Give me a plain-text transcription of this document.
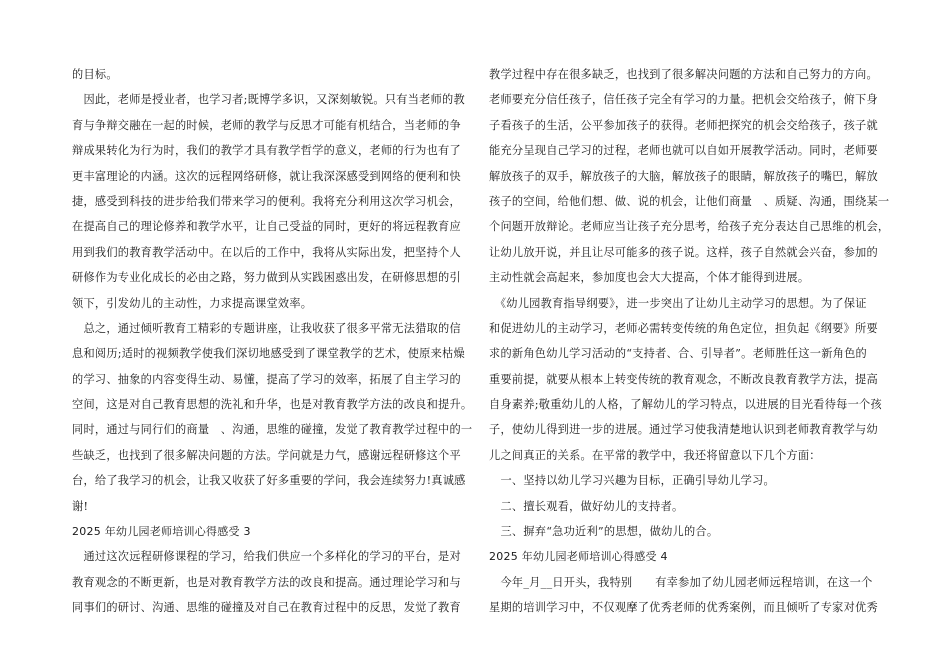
的目标。
　因此，老师是授业者，也学习者;既博学多识，又深刻敏锐。只有当老师的教
育与争辩交融在一起的时候，老师的教学与反思才可能有机结合，当老师的争
辩成果转化为行为时，我们的教学才具有教学哲学的意义，老师的行为也有了
更丰富理论的内涵。这次的远程网络研修，就让我深深感受到网络的便利和快
捷，感受到科技的进步给我们带来学习的便利。我将充分利用这次学习机会，
在提高自己的理论修养和教学水平，让自己受益的同时，更好的将远程教育应
用到我们的教育教学活动中。在以后的工作中，我将从实际出发，把坚持个人
研修作为专业化成长的必由之路，努力做到从实践困惑出发，在研修思想的引
领下，引发幼儿的主动性，力求提高课堂效率。
　总之，通过倾听教育工精彩的专题讲座，让我收获了很多平常无法猎取的信
息和阅历;适时的视频教学使我们深切地感受到了课堂教学的艺术，使原来枯燥
的学习、抽象的内容变得生动、易懂，提高了学习的效率，拓展了自主学习的
空间，这是对自己教育思想的洗礼和升华，也是对教育教学方法的改良和提升。
同时，通过与同行们的商量　、沟通，思维的碰撞，发觉了教育教学过程中的一
些缺乏，也找到了很多解决问题的方法。学问就是力气，感谢远程研修这个平
台，给了我学习的机会，让我又收获了好多重要的学问，我会连续努力!真诚感
谢!
2025 年幼儿园老师培训心得感受 3
　通过这次远程研修课程的学习，给我们供应一个多样化的学习的平台，是对
教育观念的不断更新，也是对教育教学方法的改良和提高。通过理论学习和与
同事们的研讨、沟通、思维的碰撞及对自己在教育过程中的反思，发觉了教育
教学过程中存在很多缺乏，也找到了很多解决问题的方法和自己努力的方向。
老师要充分信任孩子，信任孩子完全有学习的力量。把机会交给孩子，俯下身
子看孩子的生活，公平参加孩子的获得。老师把探究的机会交给孩子，孩子就
能充分呈现自己学习的过程，老师也就可以自如开展教学活动。同时，老师要
解放孩子的双手，解放孩子的大脑，解放孩子的眼睛，解放孩子的嘴巴，解放
孩子的空间，给他们想、做、说的机会，让他们商量　、质疑、沟通，围绕某一
个问题开放辩论。老师应当让孩子充分思考，给孩子充分表达自己思维的机会，
让幼儿放开说，并且让尽可能多的孩子说。这样，孩子自然就会兴奋，参加的
主动性就会高起来，参加度也会大大提高，个体才能得到进展。
　《幼儿园教育指导纲要》，进一步突出了让幼儿主动学习的思想。为了保证
和促进幼儿的主动学习，老师必需转变传统的角色定位，担负起《纲要》所要
求的新角色幼儿学习活动的“支持者、合、引导者”。老师胜任这一新角色的
重要前提，就要从根本上转变传统的教育观念，不断改良教育教学方法，提高
自身素养;敬重幼儿的人格，了解幼儿的学习特点，以进展的目光看待每一个孩
子，使幼儿得到进一步的进展。通过学习使我清楚地认识到老师教育教学与幼
儿之间真正的关系。在平常的教学中，我还将留意以下几个方面：
　一、坚持以幼儿学习兴趣为目标，正确引导幼儿学习。
　二、擅长观看，做好幼儿的支持者。
　三、摒弃“急功近利”的思想，做幼儿的合。
2025 年幼儿园老师培训心得感受 4
　今年_月__日开头，我特别　　有幸参加了幼儿园老师远程培训，在这一个
星期的培训学习中，不仅观摩了优秀老师的优秀案例，而且倾听了专家对优秀
